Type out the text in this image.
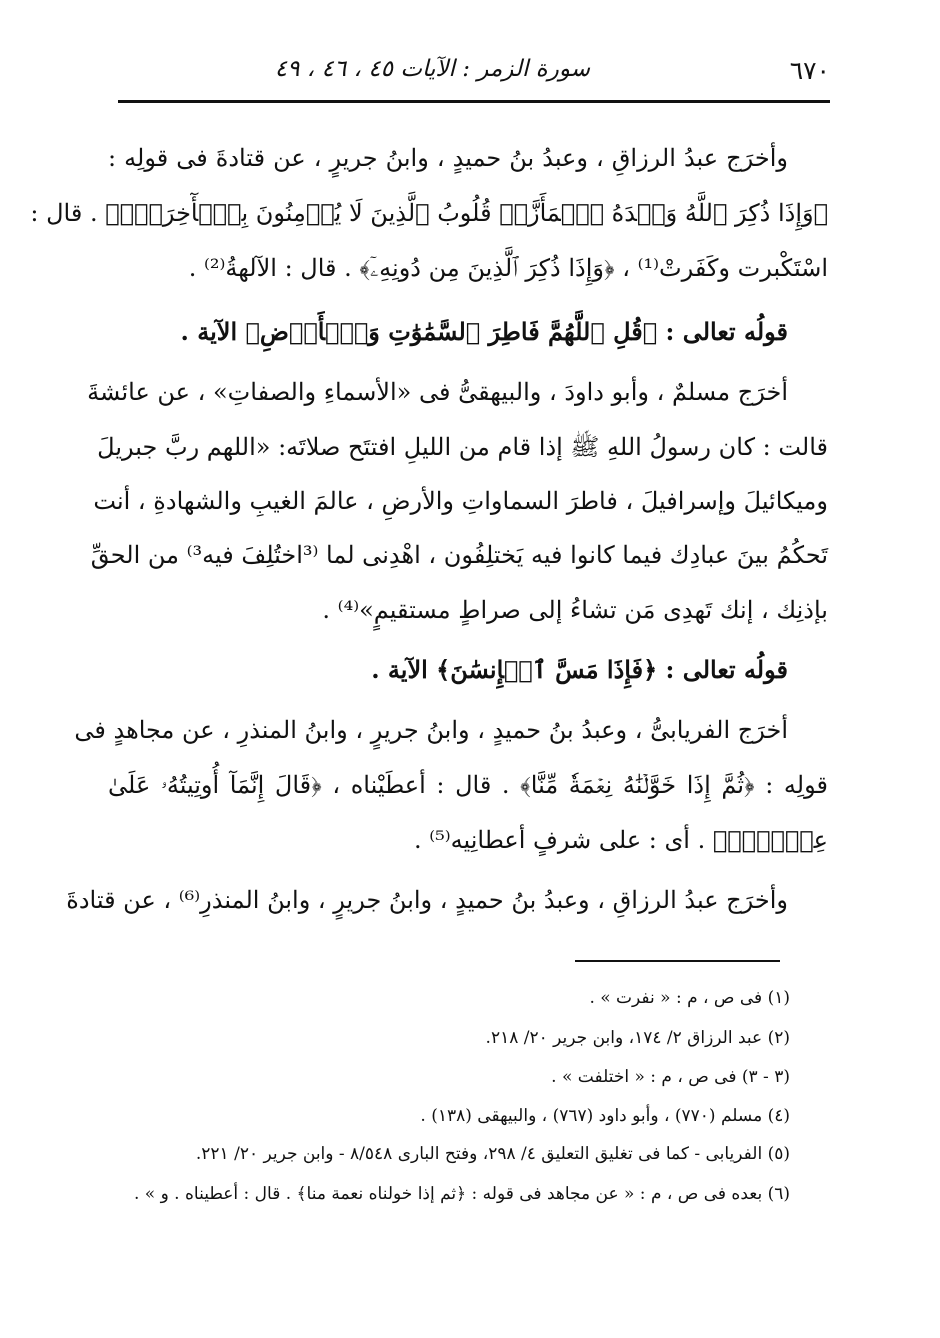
٦٧٠
سورة الزمر : الآيات ٤٥ ، ٤٦ ، ٤٩
وأخرَج عبدُ الرزاقِ ، وعبدُ بنُ حميدٍ ، وابنُ جريرٍ ، عن قتادةَ فى قولِه :
﴿وَإِذَا ذُكِرَ ٱللَّهُ وَحۡدَهُ ٱشۡمَأَزَّتۡ قُلُوبُ ٱلَّذِينَ لَا يُؤۡمِنُونَ بِٱلۡأٓخِرَةِۖ﴾ . قال :
اسْتَكْبرت وكَفَرتْ⁽¹⁾ ، ﴿وَإِذَا ذُكِرَ ٱلَّذِينَ مِن دُونِهِۦٓ﴾ . قال : الآلهةُ⁽²⁾ .
قولُه تعالى : ﴿قُلِ ٱللَّهُمَّ فَاطِرَ ٱلسَّمَٰوَٰتِ وَٱلۡأَرۡضِ﴾ الآية .
أخرَج مسلمٌ ، وأبو داودَ ، والبيهقىُّ فى «الأسماءِ والصفاتِ» ، عن عائشةَ
قالت : كان رسولُ اللهِ ﷺ إذا قام من الليلِ افتتَح صلاتَه: «اللهم ربَّ جبريلَ
وميكائيلَ وإسرافيلَ ، فاطرَ السماواتِ والأرضِ ، عالمَ الغيبِ والشهادةِ ، أنت
تَحكُمُ بينَ عبادِك فيما كانوا فيه يَختلِفُون ، اهْدِنى لما ⁽³اختُلِفَ فيه³⁾ من الحقِّ
بإذنِك ، إنك تَهدِى مَن تشاءُ إلى صراطٍ مستقيمٍ»⁽⁴⁾ .
قولُه تعالى : ﴿فَإِذَا مَسَّ ٱلۡإِنسَٰنَ﴾ الآية .
أخرَج الفريابىُّ ، وعبدُ بنُ حميدٍ ، وابنُ جريرٍ ، وابنُ المنذرِ ، عن مجاهدٍ فى
قولِه : ﴿ثُمَّ إِذَا خَوَّلۡنَٰهُ نِعۡمَةٗ مِّنَّا﴾ . قال : أعطَيْناه ، ﴿قَالَ إِنَّمَآ أُوتِيتُهُۥ عَلَىٰ
عِلۡمِۭۚ﴾ . أى : على شرفٍ أعطانِيه⁽⁵⁾ .
وأخرَج عبدُ الرزاقِ ، وعبدُ بنُ حميدٍ ، وابنُ جريرٍ ، وابنُ المنذرِ⁽⁶⁾ ، عن قتادةَ
(١) فى ص ، م : « نفرت » .
(٢) عبد الرزاق ٢/ ١٧٤، وابن جرير ٢٠/ ٢١٨.
(٣ - ٣) فى ص ، م : « اختلفت » .
(٤) مسلم (٧٧٠) ، وأبو داود (٧٦٧) ، والبيهقى (١٣٨) .
(٥) الفريابى - كما فى تغليق التعليق ٤/ ٢٩٨، وفتح البارى ٨/٥٤٨ - وابن جرير ٢٠/ ٢٢١.
(٦) بعده فى ص ، م : « عن مجاهد فى قوله : ﴿ثم إذا خولناه نعمة منا﴾ . قال : أعطيناه . و » .
